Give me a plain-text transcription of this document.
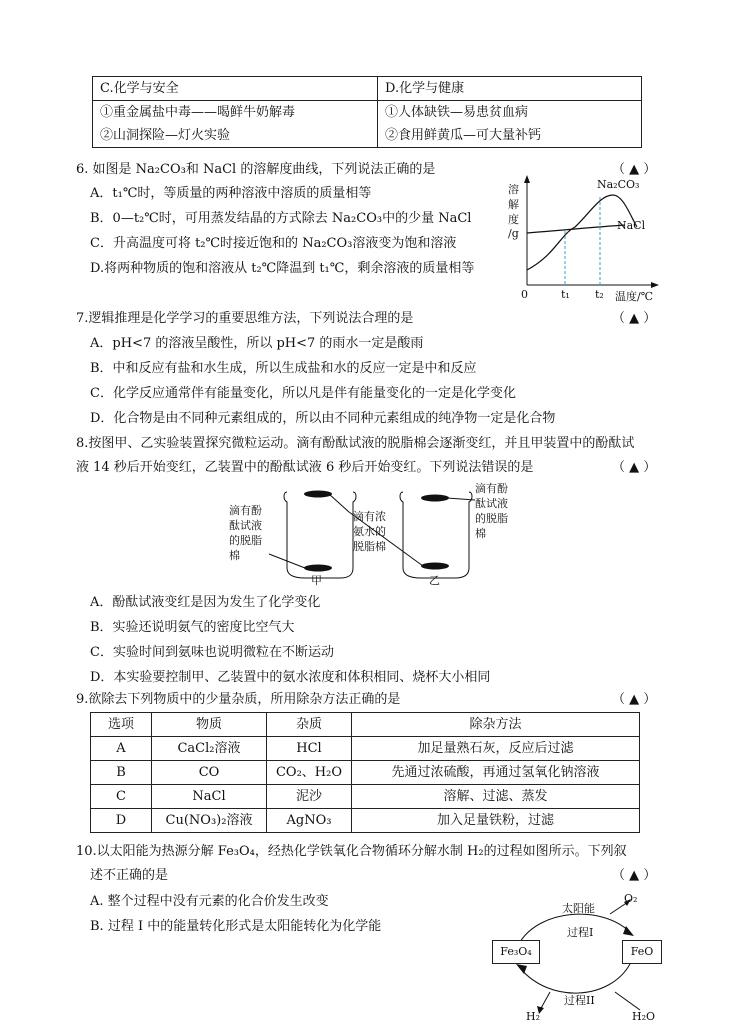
C.化学与安全	D.化学与健康
①重金属盐中毒——喝鲜牛奶解毒	①人体缺铁—易患贫血病
②山洞探险—灯火实验	②食用鲜黄瓜—可大量补钙
6. 如图是 Na₂CO₃和 NaCl 的溶解度曲线，下列说法正确的是	（ ▲ ）
A．t₁℃时，等质量的两种溶液中溶质的质量相等
B．0—t₂℃时，可用蒸发结晶的方式除去 Na₂CO₃中的少量 NaCl
C．升高温度可将 t₂℃时接近饱和的 Na₂CO₃溶液变为饱和溶液
D.将两种物质的饱和溶液从 t₂℃降温到 t₁℃，剩余溶液的质量相等
溶
解
度
/g
0	t₁ t₂ 温度/℃
Na₂CO₃
NaCl
7.逻辑推理是化学学习的重要思维方法，下列说法合理的是	（ ▲ ）
A．pH<7 的溶液呈酸性，所以 pH<7 的雨水一定是酸雨
B．中和反应有盐和水生成，所以生成盐和水的反应一定是中和反应
C．化学反应通常伴有能量变化，所以凡是伴有能量变化的一定是化学变化
D．化合物是由不同种元素组成的，所以由不同种元素组成的纯净物一定是化合物
8.按图甲、乙实验装置探究微粒运动。滴有酚酞试液的脱脂棉会逐渐变红，并且甲装置中的酚酞试
液 14 秒后开始变红，乙装置中的酚酞试液 6 秒后开始变红。下列说法错误的是	（ ▲ ）
滴有酚
酞试液
的脱脂
棉
滴有浓
氨水的
脱脂棉
滴有酚
酞试液
的脱脂
棉
甲	乙
A．酚酞试液变红是因为发生了化学变化
B．实验还说明氨气的密度比空气大
C．实验时间到氨味也说明微粒在不断运动
D．本实验要控制甲、乙装置中的氨水浓度和体积相同、烧杯大小相同
9.欲除去下列物质中的少量杂质，所用除杂方法正确的是	（ ▲ ）
选项	物质	杂质	除杂方法
A	CaCl₂溶液	HCl	加足量熟石灰，反应后过滤
B	CO	CO₂、H₂O	先通过浓硫酸，再通过氢氧化钠溶液
C	NaCl	泥沙	溶解、过滤、蒸发
D	Cu(NO₃)₂溶液	AgNO₃	加入足量铁粉，过滤
10.以太阳能为热源分解 Fe₃O₄，经热化学铁氧化合物循环分解水制 H₂的过程如图所示。下列叙
述不正确的是	（ ▲ ）
A. 整个过程中没有元素的化合价发生改变
B. 过程 I 中的能量转化形式是太阳能转化为化学能
太阳能
O₂
过程I
Fe₃O₄	FeO
过程II
H₂	H₂O
